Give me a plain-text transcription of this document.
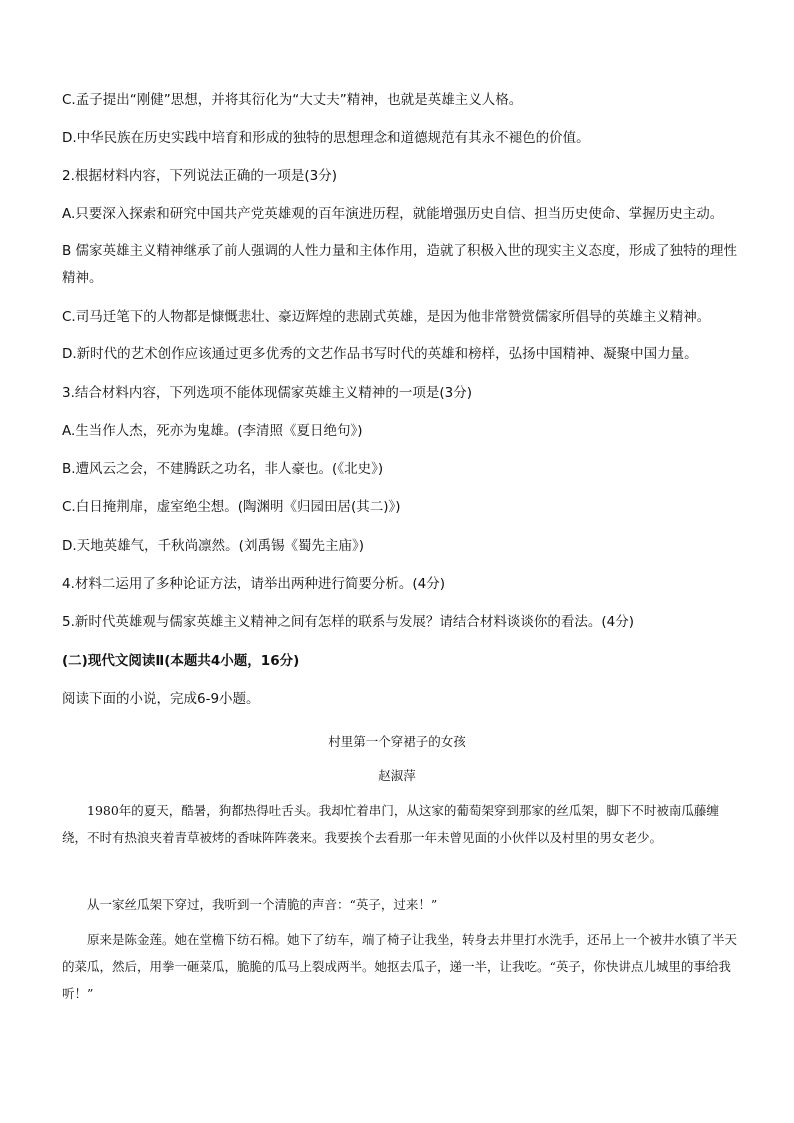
C.孟子提出“刚健”思想，并将其衍化为“大丈夫”精神，也就是英雄主义人格。
D.中华民族在历史实践中培育和形成的独特的思想理念和道德规范有其永不褪色的价值。
2.根据材料内容，下列说法正确的一项是(3分)
A.只要深入探索和研究中国共产党英雄观的百年演进历程，就能增强历史自信、担当历史使命、掌握历史主动。
B 儒家英雄主义精神继承了前人强调的人性力量和主体作用，造就了积极入世的现实主义态度，形成了独特的理性精神。
C.司马迁笔下的人物都是慷慨悲壮、豪迈辉煌的悲剧式英雄，是因为他非常赞赏儒家所倡导的英雄主义精神。
D.新时代的艺术创作应该通过更多优秀的文艺作品书写时代的英雄和榜样，弘扬中国精神、凝聚中国力量。
3.结合材料内容，下列选项不能体现儒家英雄主义精神的一项是(3分)
A.生当作人杰，死亦为鬼雄。(李清照《夏日绝句》)
B.遭风云之会，不建腾跃之功名，非人豪也。(《北史》)
C.白日掩荆扉，虚室绝尘想。(陶渊明《归园田居(其二)》)
D.天地英雄气，千秋尚凛然。(刘禹锡《蜀先主庙》)
4.材料二运用了多种论证方法，请举出两种进行简要分析。(4分)
5.新时代英雄观与儒家英雄主义精神之间有怎样的联系与发展？请结合材料谈谈你的看法。(4分)
(二)现代文阅读Ⅱ(本题共4小题，16分)
阅读下面的小说，完成6-9小题。
村里第一个穿裙子的女孩
赵淑萍
1980年的夏天，酷暑，狗都热得吐舌头。我却忙着串门，从这家的葡萄架穿到那家的丝瓜架，脚下不时被南瓜藤缠绕，不时有热浪夹着青草被烤的香味阵阵袭来。我要挨个去看那一年未曾见面的小伙伴以及村里的男女老少。
从一家丝瓜架下穿过，我听到一个清脆的声音：“英子，过来！”
原来是陈金莲。她在堂檐下纺石棉。她下了纺车，端了椅子让我坐，转身去井里打水洗手，还吊上一个被井水镇了半天的菜瓜，然后，用拳一砸菜瓜，脆脆的瓜马上裂成两半。她抠去瓜子，递一半，让我吃。“英子，你快讲点儿城里的事给我听！”
